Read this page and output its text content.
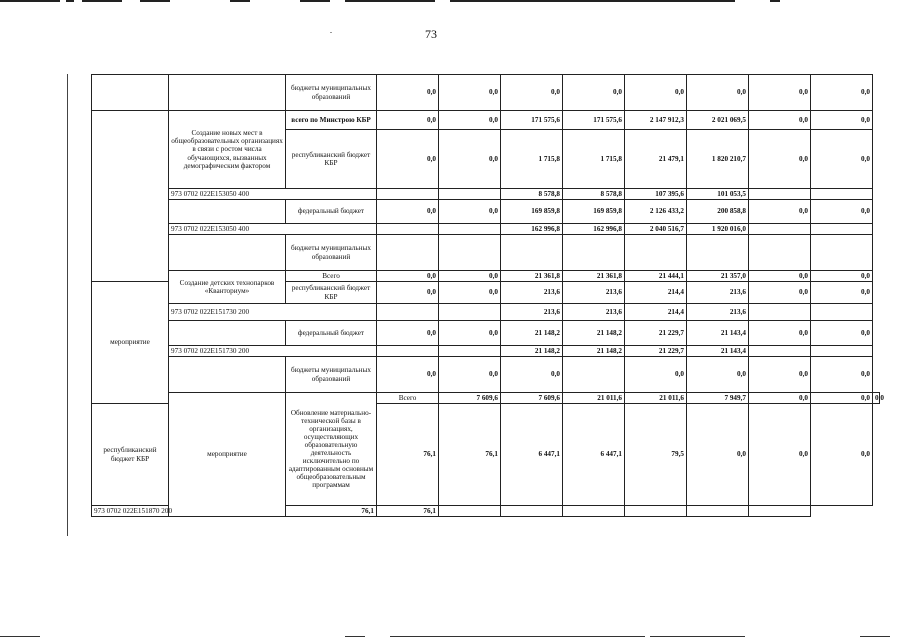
73
		бюджеты муниципальных образований	0,0	0,0	0,0	0,0	0,0	0,0	0,0	0,0	
	Создание новых мест в общеобразовательных организациях в связи с ростом числа обучающихся, вызванных демографическим фактором	всего по Минстрою КБР	0,0	0,0	171 575,6	171 575,6	2 147 912,3	2 021 069,5	0,0	0,0	
		республиканский бюджет КБР	0,0	0,0	1 715,8	1 715,8	21 479,1	1 820 210,7	0,0	0,0	
	973 0702 022E153050 400				8 578,8	8 578,8	107 395,6	101 053,5			
		федеральный бюджет	0,0	0,0	169 859,8	169 859,8	2 126 433,2	200 858,8	0,0	0,0	
	973 0702 022E153050 400				162 996,8	162 996,8	2 040 516,7	1 920 016,0			
		бюджеты муниципальных образований									
	Создание детских технопарков «Кванториум»	Всего	0,0	0,0	21 361,8	21 361,8	21 444,1	21 357,0	0,0	0,0	
мероприятие		республиканский бюджет КБР	0,0	0,0	213,6	213,6	214,4	213,6	0,0	0,0	
	973 0702 022E151730 200				213,6	213,6	214,4	213,6			
		федеральный бюджет	0,0	0,0	21 148,2	21 148,2	21 229,7	21 143,4	0,0	0,0	
	973 0702 022E151730 200				21 148,2	21 148,2	21 229,7	21 143,4			
		бюджеты муниципальных образований	0,0	0,0	0,0		0,0	0,0	0,0	0,0	
	мероприятие	Обновление материально-технической базы в организациях, осуществляющих образовательную деятельность исключительно по адаптированным основным общеобразовательным программам	Всего	7 609,6	7 609,6	21 011,6	21 011,6	7 949,7	0,0	0,0	0,0
республиканский бюджет КБР			76,1	76,1	6 447,1	6 447,1	79,5	0,0	0,0	0,0	
973 0702 022E151870 200		76,1	76,1								
